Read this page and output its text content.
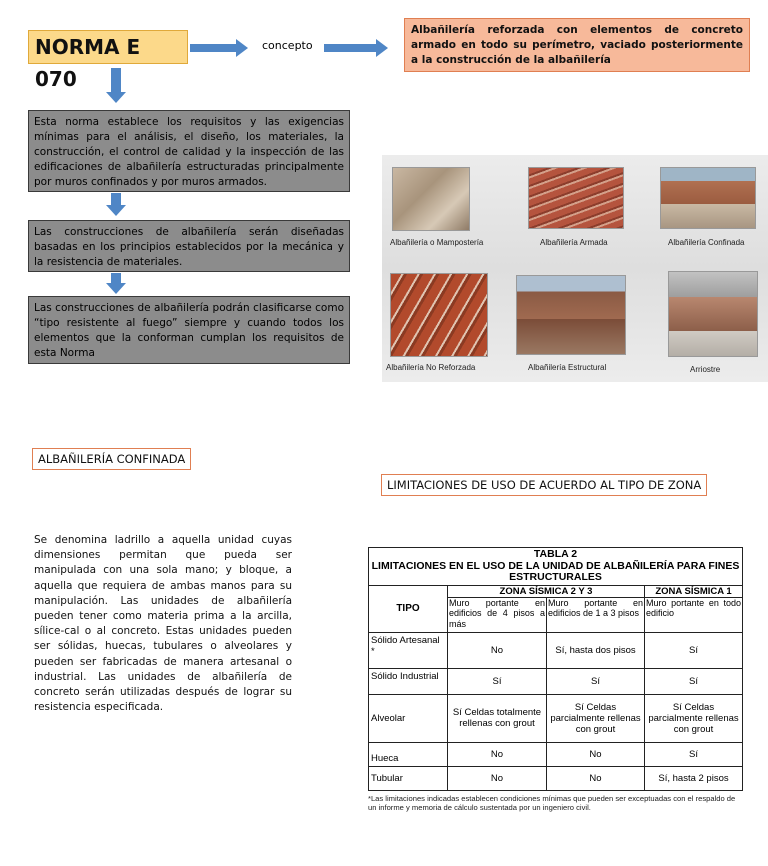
NORMA E 070
concepto
Albañilería reforzada con elementos de concreto armado en todo su perímetro, vaciado posteriormente a la construcción de la albañilería
Esta norma establece los requisitos y las exigencias mínimas para el análisis, el diseño, los materiales, la construcción, el control de calidad y la inspección de las edificaciones de albañilería estructuradas principalmente por muros confinados y por muros armados.
Las construcciones de albañilería serán diseñadas basadas en los principios establecidos por la mecánica y la resistencia de materiales.
Las construcciones de albañilería podrán clasificarse como “tipo resistente al fuego” siempre y cuando todos los elementos que la conforman cumplan los requisitos de esta Norma
Albañilería o Mampostería	Albañilería Armada	Albañilería Confinada
Albañilería No Reforzada	Albañilería Estructural	Arriostre
ALBAÑILERÍA CONFINADA
Se denomina ladrillo a aquella unidad cuyas dimensiones permitan que pueda ser manipulada con una sola mano; y bloque, a aquella que requiera de ambas manos para su manipulación. Las unidades de albañilería pueden tener como materia prima a la arcilla, sílice-cal o al concreto. Estas unidades pueden ser sólidas, huecas, tubulares o alveolares y pueden ser fabricadas de manera artesanal o industrial. Las unidades de albañilería de concreto serán utilizadas después de lograr su resistencia especificada.
LIMITACIONES DE USO DE ACUERDO AL TIPO DE ZONA
TABLA 2
LIMITACIONES EN EL USO DE LA UNIDAD DE ALBAÑILERÍA PARA FINES ESTRUCTURALES			

TIPO	ZONA SÍSMICA 2 Y 3		ZONA SÍSMICA 1
	Muro portante en edificios de 4 pisos a más	Muro portante en edificios de 1 a 3 pisos	Muro portante en todo edificio
Sólido Artesanal *	No	Sí, hasta dos pisos	Sí
Sólido Industrial	Sí	Sí	Sí
Alveolar	Sí Celdas totalmente rellenas con grout	Sí Celdas parcialmente rellenas con grout	Sí Celdas parcialmente rellenas con grout
Hueca	No	No	Sí
Tubular	No	No	Sí, hasta 2 pisos
*Las limitaciones indicadas establecen condiciones mínimas que pueden ser exceptuadas con el respaldo de un informe y memoria de cálculo sustentada por un ingeniero civil.
